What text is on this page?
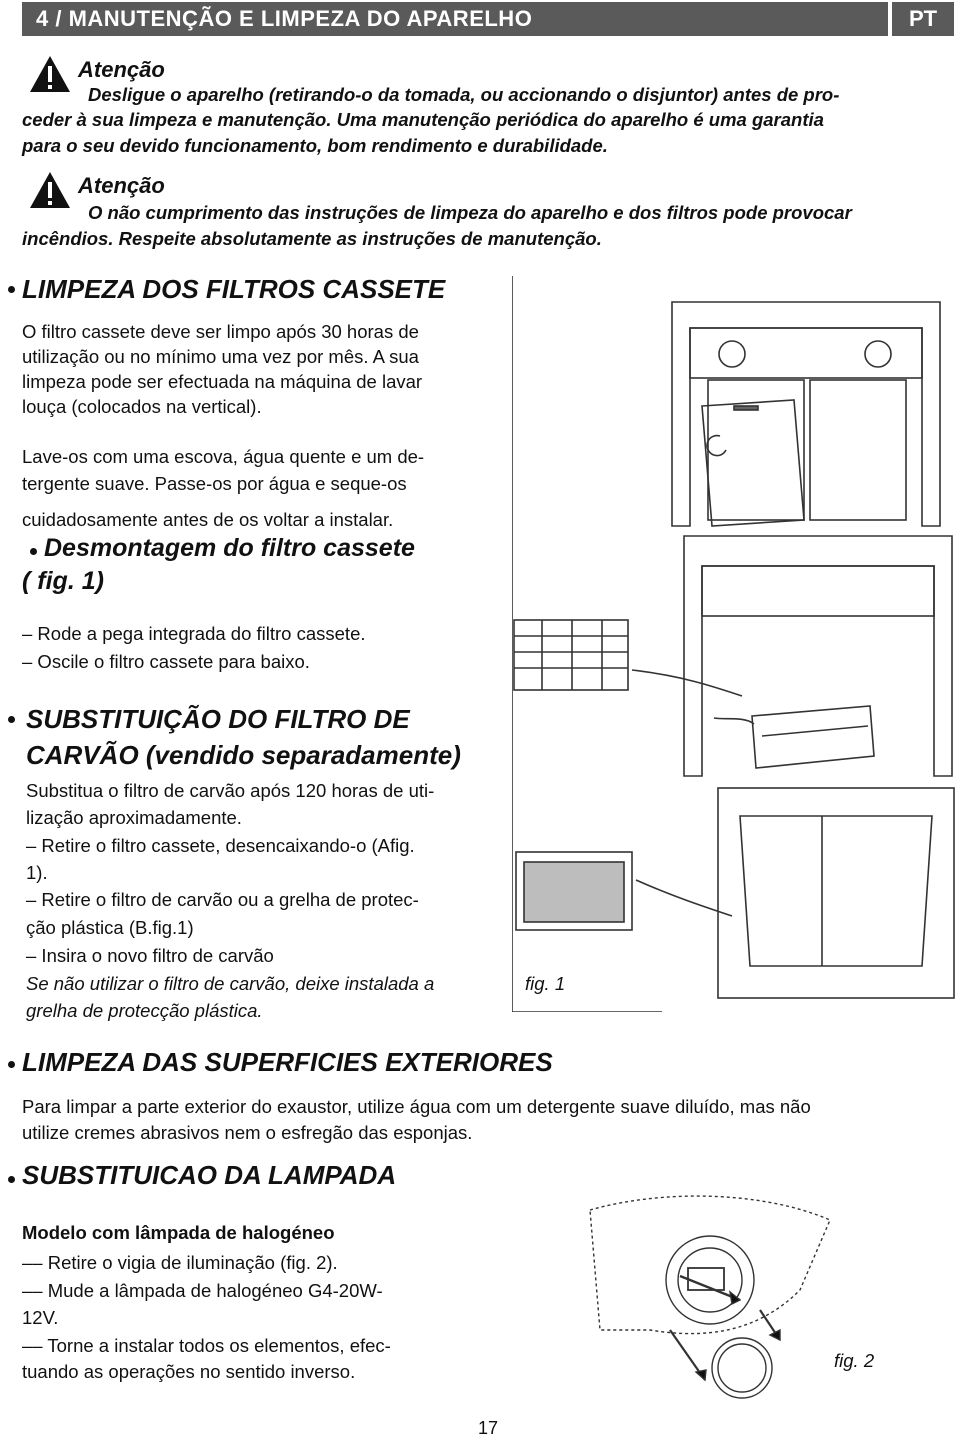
4 / MANUTENÇÃO E LIMPEZA DO APARELHO	PT
Atenção
Desligue o aparelho (retirando-o da tomada, ou accionando o disjuntor) antes de pro-
ceder à sua limpeza e manutenção. Uma manutenção periódica do aparelho é uma garantia
para o seu devido funcionamento, bom rendimento e durabilidade.
Atenção
O não cumprimento das instruções de limpeza do aparelho e dos filtros pode provocar
incêndios. Respeite absolutamente as instruções de manutenção.
LIMPEZA DOS FILTROS CASSETE
O filtro cassete deve ser limpo após 30 horas de
utilização ou no mínimo uma vez por mês. A sua
limpeza pode ser efectuada na máquina de lavar
louça (colocados na vertical).
Lave-os com uma escova, água quente e um de-
tergente suave. Passe-os por água e seque-os
cuidadosamente antes de os voltar a instalar.
Desmontagem do filtro cassete
( fig. 1)
– Rode a pega integrada do filtro cassete.
– Oscile o filtro cassete para baixo.
SUBSTITUIÇÃO DO FILTRO DE
CARVÃO (vendido separadamente)
Substitua o filtro de carvão após 120 horas de uti-
lização aproximadamente.
– Retire o filtro cassete, desencaixando-o (Afig.
1).
– Retire o filtro de carvão ou a grelha de protec-
ção plástica (B.fig.1)
– Insira o novo filtro de carvão
Se não utilizar o filtro de carvão, deixe instalada a
grelha de protecção plástica.
fig. 1
LIMPEZA DAS SUPERFICIES EXTERIORES
Para limpar a parte exterior do exaustor, utilize água com um detergente suave diluído, mas não
utilize cremes abrasivos nem o esfregão das esponjas.
SUBSTITUICAO DA LAMPADA
Modelo com lâmpada de halogéneo
–– Retire o vigia de iluminação (fig. 2).
–– Mude a lâmpada de halogéneo G4-20W-
12V.
–– Torne a instalar todos os elementos, efec-
tuando as operações no sentido inverso.
fig. 2
17
